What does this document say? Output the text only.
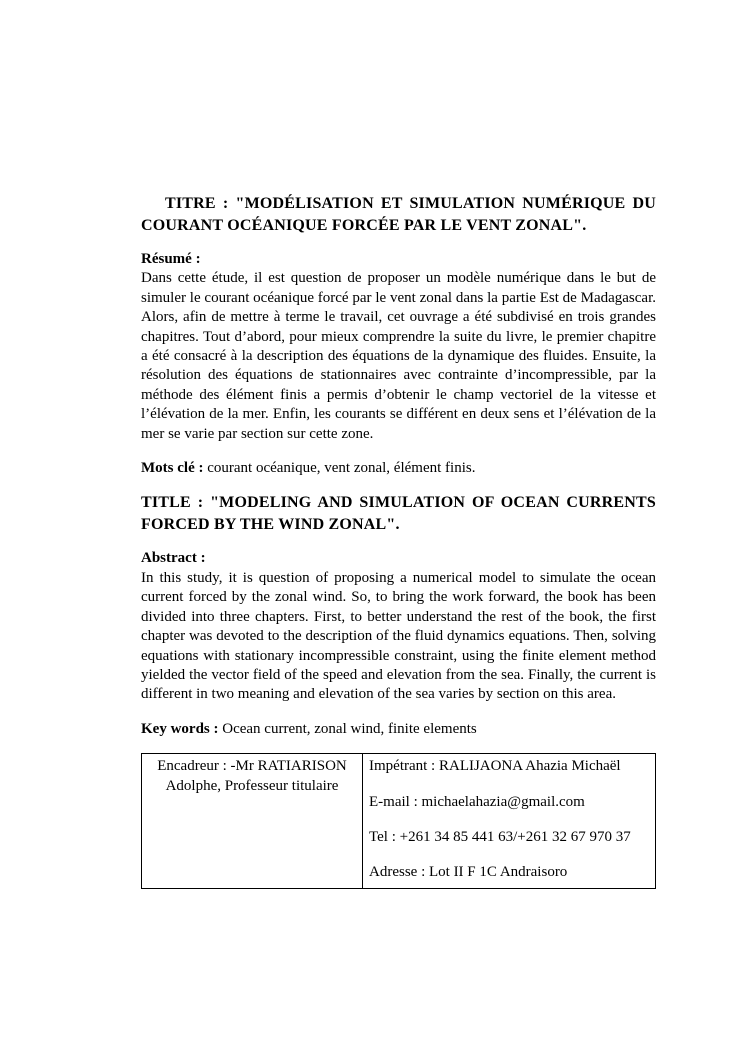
TITRE : "MODÉLISATION ET SIMULATION NUMÉRIQUE DU COURANT OCÉANIQUE FORCÉE PAR LE VENT ZONAL".

Résumé :

Dans cette étude, il est question de proposer un modèle numérique dans le but de simuler le courant océanique forcé par le vent zonal dans la partie Est de Madagascar. Alors, afin de mettre à terme le travail, cet ouvrage a été subdivisé en trois grandes chapitres. Tout d’abord, pour mieux comprendre la suite du livre, le premier chapitre a été consacré à la description des équations de la dynamique des fluides. Ensuite, la résolution des équations de stationnaires avec contrainte d’incompressible, par la méthode des élément finis a permis d’obtenir le champ vectoriel de la vitesse et l’élévation de la mer. Enfin, les courants se différent en deux sens et l’élévation de la mer se varie par section sur cette zone.

Mots clé : courant océanique, vent zonal, élément finis.

TITLE : "MODELING AND SIMULATION OF OCEAN CURRENTS FORCED BY THE WIND ZONAL".

Abstract :

In this study, it is question of proposing a numerical model to simulate the ocean current forced by the zonal wind. So, to bring the work forward, the book has been divided into three chapters. First, to better understand the rest of the book, the first chapter was devoted to the description of the fluid dynamics equations. Then, solving equations with stationary incompressible constraint, using the finite element method yielded the vector field of the speed and elevation from the sea. Finally, the current is different in two meaning and elevation of the sea varies by section on this area.

Key words : Ocean current, zonal wind, finite elements

Encadreur : -Mr RATIARISON Adolphe, Professeur titulaire	
Impétrant : RALIJAONA Ahazia Michaël
E-mail : michaelahazia@gmail.com
Tel : +261 34 85 441 63/+261 32 67 970 37
Adresse : Lot II F 1C Andraisoro
